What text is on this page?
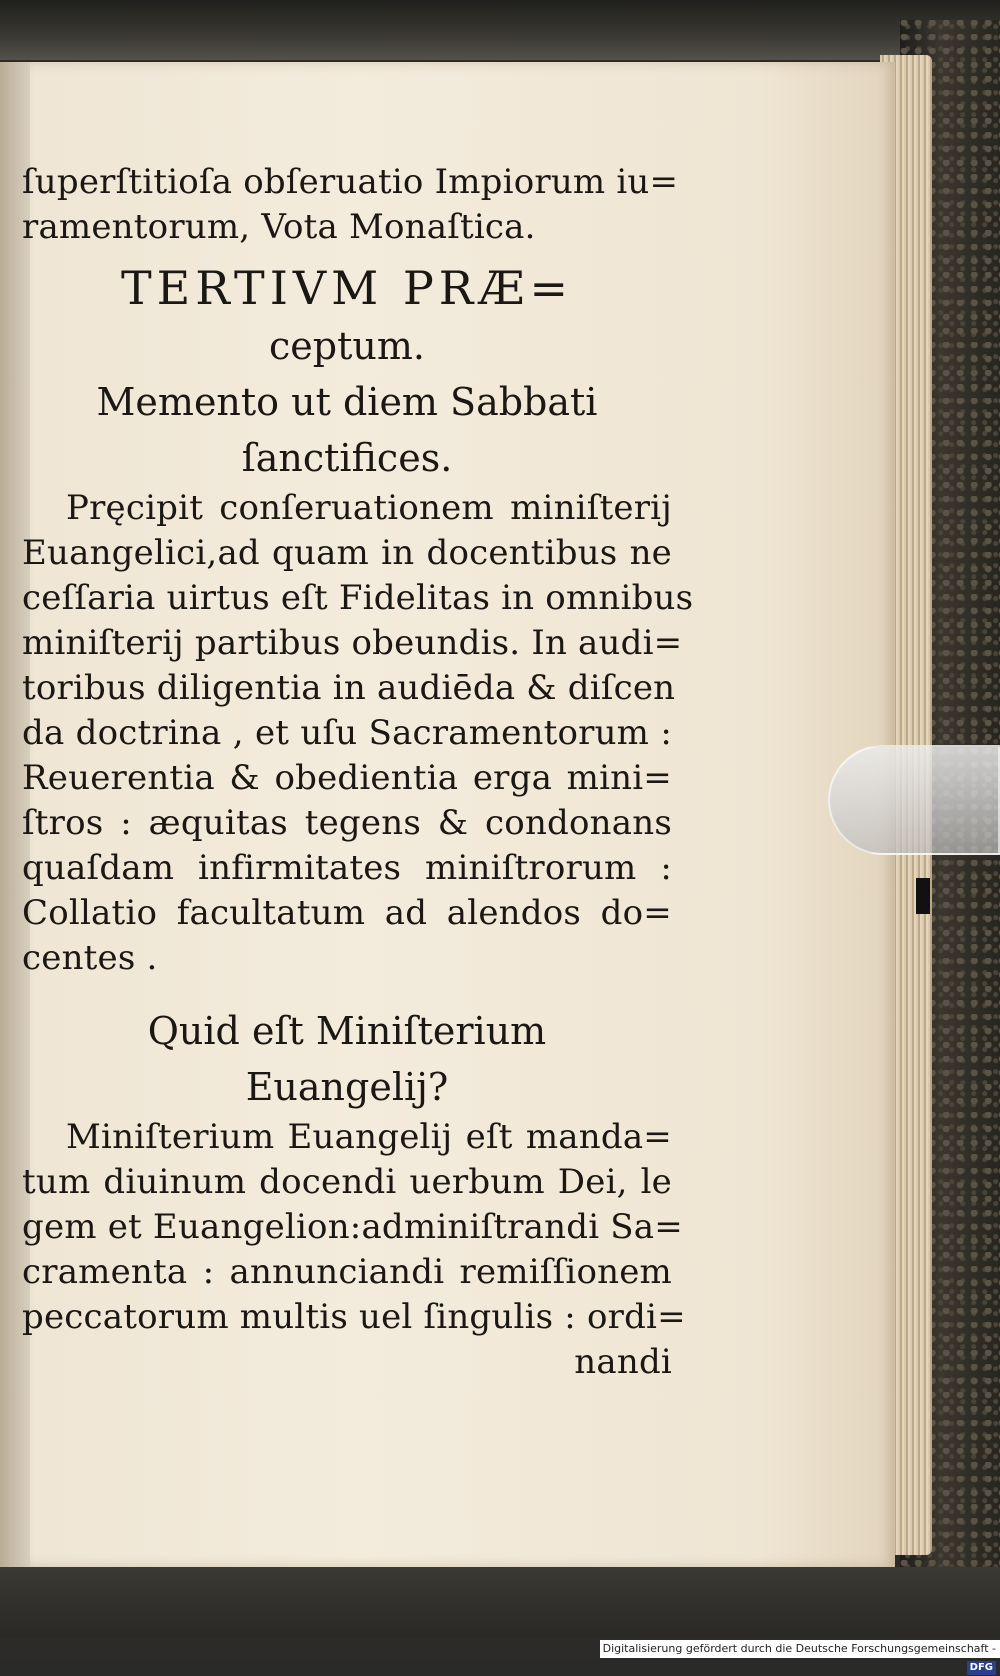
ſuperſtitioſa obſeruatio Impiorum iu=
ramentorum, Vota Monaſtica.
TERTIVM PRÆ=
ceptum.
Memento ut diem Sabbati
ſanctifices.
Pręcipit conſeruationem miniſterij
Euangelici,ad quam in docentibus ne
ceſſaria uirtus eſt Fidelitas in omnibus
miniſterij partibus obeundis. In audi=
toribus diligentia in audiēda & diſcen
da doctrina , et uſu Sacramentorum :
Reuerentia & obedientia erga mini=
ſtros : æquitas tegens & condonans
quaſdam infirmitates miniſtrorum :
Collatio facultatum ad alendos do=
centes .
Quid eſt Miniſterium
Euangelij?
Miniſterium Euangelij eſt manda=
tum diuinum docendi uerbum Dei, le
gem et Euangelion:adminiſtrandi Sa=
cramenta : annunciandi remiſſionem
peccatorum multis uel ſingulis : ordi=
nandi
Digitalisierung gefördert durch die Deutsche Forschungsgemeinschaft -DFG
